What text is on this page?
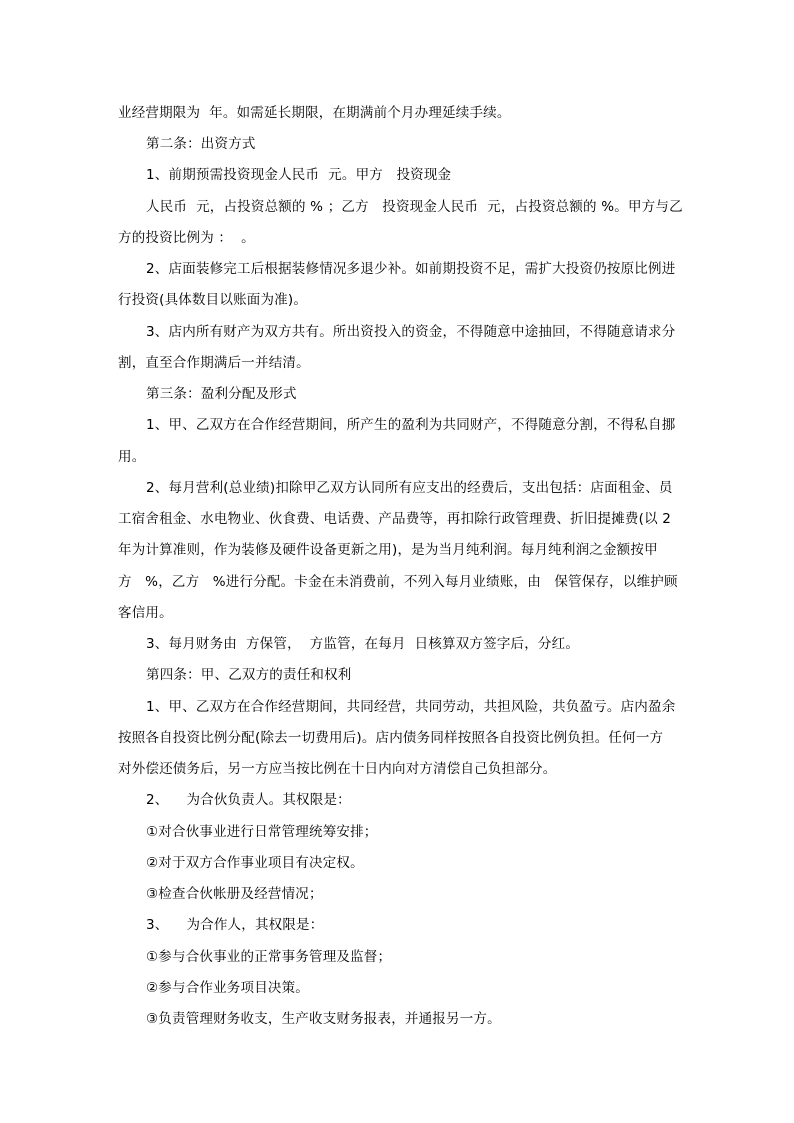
业经营期限为  年。如需延长期限，在期满前个月办理延续手续。
第二条：出资方式
1、前期预需投资现金人民币  元。甲方   投资现金
人民币  元，占投资总额的 % ；乙方   投资现金人民币  元，占投资总额的 %。甲方与乙
方的投资比例为 ：  。
2、店面装修完工后根据装修情况多退少补。如前期投资不足，需扩大投资仍按原比例进
行投资(具体数目以账面为准)。
3、店内所有财产为双方共有。所出资投入的资金，不得随意中途抽回，不得随意请求分
割，直至合作期满后一并结清。
第三条：盈利分配及形式
1、甲、乙双方在合作经营期间，所产生的盈利为共同财产，不得随意分割，不得私自挪
用。
2、每月营利(总业绩)扣除甲乙双方认同所有应支出的经费后，支出包括：店面租金、员
工宿舍租金、水电物业、伙食费、电话费、产品费等，再扣除行政管理费、折旧提摊费(以 2
年为计算准则，作为装修及硬件设备更新之用)，是为当月纯利润。每月纯利润之金额按甲
方   %，乙方   %进行分配。卡金在未消费前，不列入每月业绩账，由   保管保存，以维护顾
客信用。
3、每月财务由  方保管，  方监管，在每月  日核算双方签字后，分红。
第四条：甲、乙双方的责任和权利
1、甲、乙双方在合作经营期间，共同经营，共同劳动，共担风险，共负盈亏。店内盈余
按照各自投资比例分配(除去一切费用后)。店内债务同样按照各自投资比例负担。任何一方
对外偿还债务后，另一方应当按比例在十日内向对方清偿自己负担部分。
2、    为合伙负责人。其权限是：
①对合伙事业进行日常管理统筹安排；
②对于双方合作事业项目有决定权。
③检查合伙帐册及经营情况；
3、    为合作人，其权限是：
①参与合伙事业的正常事务管理及监督；
②参与合作业务项目决策。
③负责管理财务收支，生产收支财务报表，并通报另一方。
